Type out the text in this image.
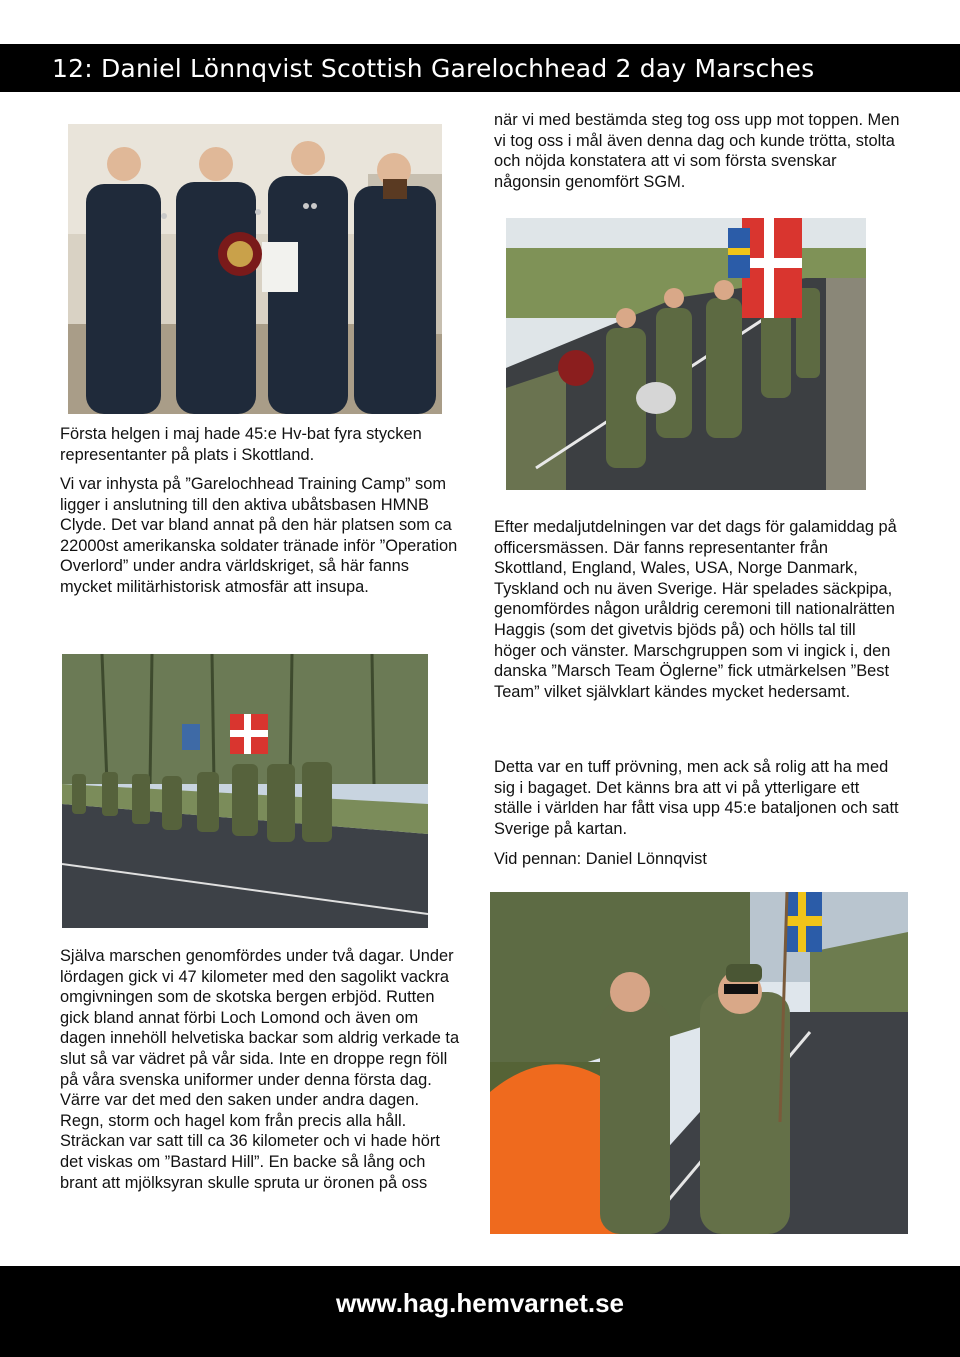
12: Daniel Lönnqvist Scottish Garelochhead 2 day Marsches
när vi med bestämda steg tog oss upp mot toppen. Men vi tog oss i mål även denna dag och kunde trötta, stolta och nöjda konstatera att vi som första svenskar någonsin genomfört SGM.
Första helgen i maj hade 45:e Hv-bat fyra stycken representanter på plats i Skottland.
Vi var inhysta på ”Garelochhead Training Camp” som ligger i anslutning till den aktiva ubåtsbasen HMNB Clyde. Det var bland annat på den här platsen som ca 22000st amerikanska soldater tränade inför ”Operation Overlord” under andra världskriget, så här fanns mycket militärhistorisk atmosfär att insupa.
Efter medaljutdelningen var det dags för galamiddag på officersmässen. Där fanns representanter från Skottland, England, Wales, USA, Norge Danmark, Tyskland och nu även Sverige. Här spelades säckpipa, genomfördes någon uråldrig ceremoni till nationalrätten Haggis (som det givetvis bjöds på) och hölls tal till höger och vänster. Marschgruppen som vi ingick i, den danska ”Marsch Team Öglerne” fick utmärkelsen ”Best Team” vilket självklart kändes mycket hedersamt.
Detta var en tuff prövning, men ack så rolig att ha med sig i bagaget. Det känns bra att vi på ytterligare ett ställe i världen har fått visa upp 45:e bataljonen och satt Sverige på kartan.
Vid pennan: Daniel Lönnqvist
Själva marschen genomfördes under två dagar. Under lördagen gick vi 47 kilometer med den sagolikt vackra omgivningen som de skotska bergen erbjöd. Rutten gick bland annat förbi Loch Lomond och även om dagen innehöll helvetiska backar som aldrig verkade ta slut så var vädret på vår sida. Inte en droppe regn föll på våra svenska uniformer under denna första dag. Värre var det med den saken under andra dagen. Regn, storm och hagel kom från precis alla håll. Sträckan var satt till ca 36 kilometer och vi hade hört det viskas om ”Bastard Hill”. En backe så lång och brant att mjölksyran skulle spruta ur öronen på oss
www.hag.hemvarnet.se
